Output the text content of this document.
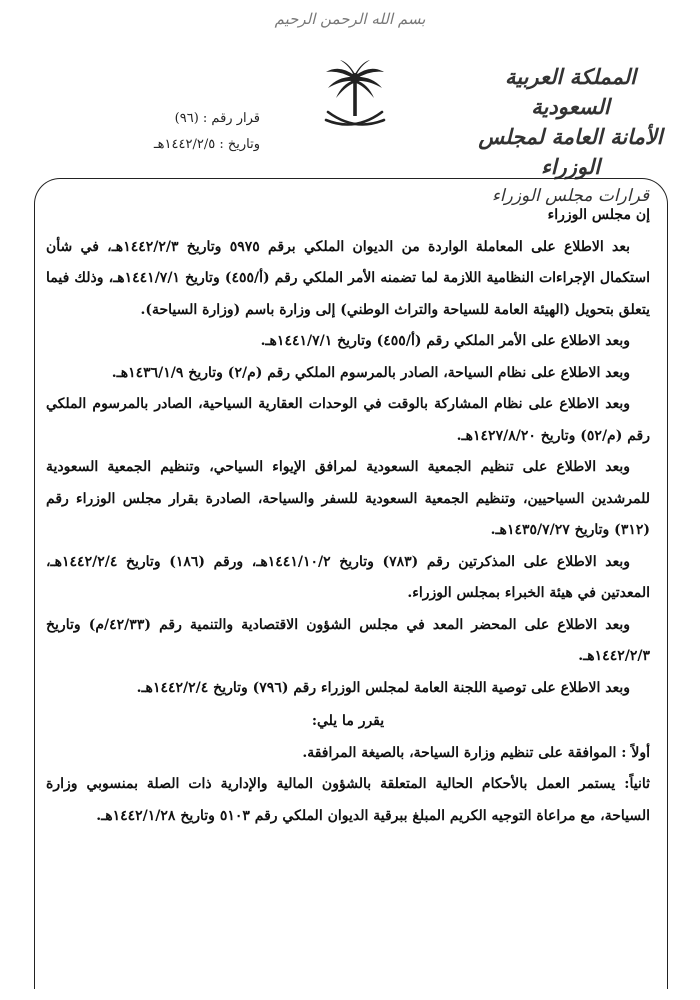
بسم الله الرحمن الرحيم
المملكة العربية السعودية
الأمانة العامة لمجلس الوزراء
قرارات مجلس الوزراء
قرار رقم : (٩٦)
وتاريخ : ١٤٤٢/٢/٥هـ

إن مجلس الوزراء

بعد الاطلاع على المعاملة الواردة من الديوان الملكي برقم ٥٩٧٥ وتاريخ ١٤٤٢/٢/٣هـ، في شأن استكمال الإجراءات النظامية اللازمة لما تضمنه الأمر الملكي رقم (أ/٤٥٥) وتاريخ ١٤٤١/٧/١هـ، وذلك فيما يتعلق بتحويل (الهيئة العامة للسياحة والتراث الوطني) إلى وزارة باسم (وزارة السياحة).

وبعد الاطلاع على الأمر الملكي رقم (أ/٤٥٥) وتاريخ ١٤٤١/٧/١هـ.

وبعد الاطلاع على نظام السياحة، الصادر بالمرسوم الملكي رقم (م/٢) وتاريخ ١٤٣٦/١/٩هـ.

وبعد الاطلاع على نظام المشاركة بالوقت في الوحدات العقارية السياحية، الصادر بالمرسوم الملكي رقم (م/٥٢) وتاريخ ١٤٢٧/٨/٢٠هـ.

وبعد الاطلاع على تنظيم الجمعية السعودية لمرافق الإيواء السياحي، وتنظيم الجمعية السعودية للمرشدين السياحيين، وتنظيم الجمعية السعودية للسفر والسياحة، الصادرة بقرار مجلس الوزراء رقم (٣١٢) وتاريخ ١٤٣٥/٧/٢٧هـ.

وبعد الاطلاع على المذكرتين رقم (٧٨٣) وتاريخ ١٤٤١/١٠/٢هـ، ورقم (١٨٦) وتاريخ ١٤٤٢/٢/٤هـ، المعدتين في هيئة الخبراء بمجلس الوزراء.

وبعد الاطلاع على المحضر المعد في مجلس الشؤون الاقتصادية والتنمية رقم (٤٢/٣٣/م) وتاريخ ١٤٤٢/٢/٣هـ.

وبعد الاطلاع على توصية اللجنة العامة لمجلس الوزراء رقم (٧٩٦) وتاريخ ١٤٤٢/٢/٤هـ.

يقرر ما يلي:

أولاً : الموافقة على تنظيم وزارة السياحة، بالصيغة المرافقة.

ثانياً: يستمر العمل بالأحكام الحالية المتعلقة بالشؤون المالية والإدارية ذات الصلة بمنسوبي وزارة السياحة، مع مراعاة التوجيه الكريم المبلغ ببرقية الديوان الملكي رقم ٥١٠٣ وتاريخ ١٤٤٢/١/٢٨هـ.
